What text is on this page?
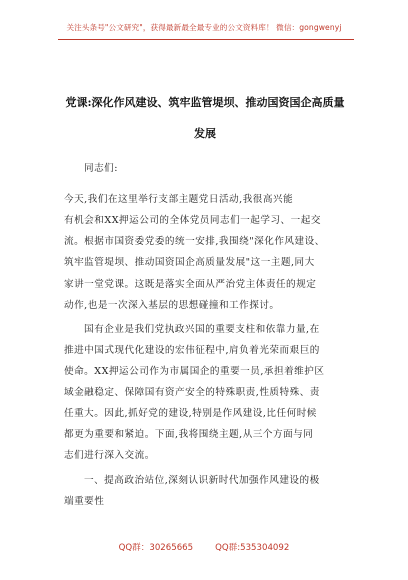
关注头条号"公文研究"，获得最新最全最专业的公文资料库！ 微信：gongwenyj
党课:深化作风建设、筑牢监管堤坝、推动国资国企高质量
发展
同志们:
今天,我们在这里举行支部主题党日活动,我很高兴能
有机会和XX押运公司的全体党员同志们一起学习、一起交
流。根据市国资委党委的统一安排,我围绕"深化作风建设、
筑牢监管堤坝、推动国资国企高质量发展"这一主题,同大
家讲一堂党课。这既是落实全面从严治党主体责任的规定
动作,也是一次深入基层的思想碰撞和工作探讨。
国有企业是我们党执政兴国的重要支柱和依靠力量,在
推进中国式现代化建设的宏伟征程中,肩负着光荣而艰巨的
使命。XX押运公司作为市属国企的重要一员,承担着维护区
域金融稳定、保障国有资产安全的特殊职责,性质特殊、责
任重大。因此,抓好党的建设,特别是作风建设,比任何时候
都更为重要和紧迫。下面,我将围绕主题,从三个方面与同
志们进行深入交流。
一、提高政治站位,深刻认识新时代加强作风建设的极
端重要性
QQ群：30265665	QQ群:535304092
